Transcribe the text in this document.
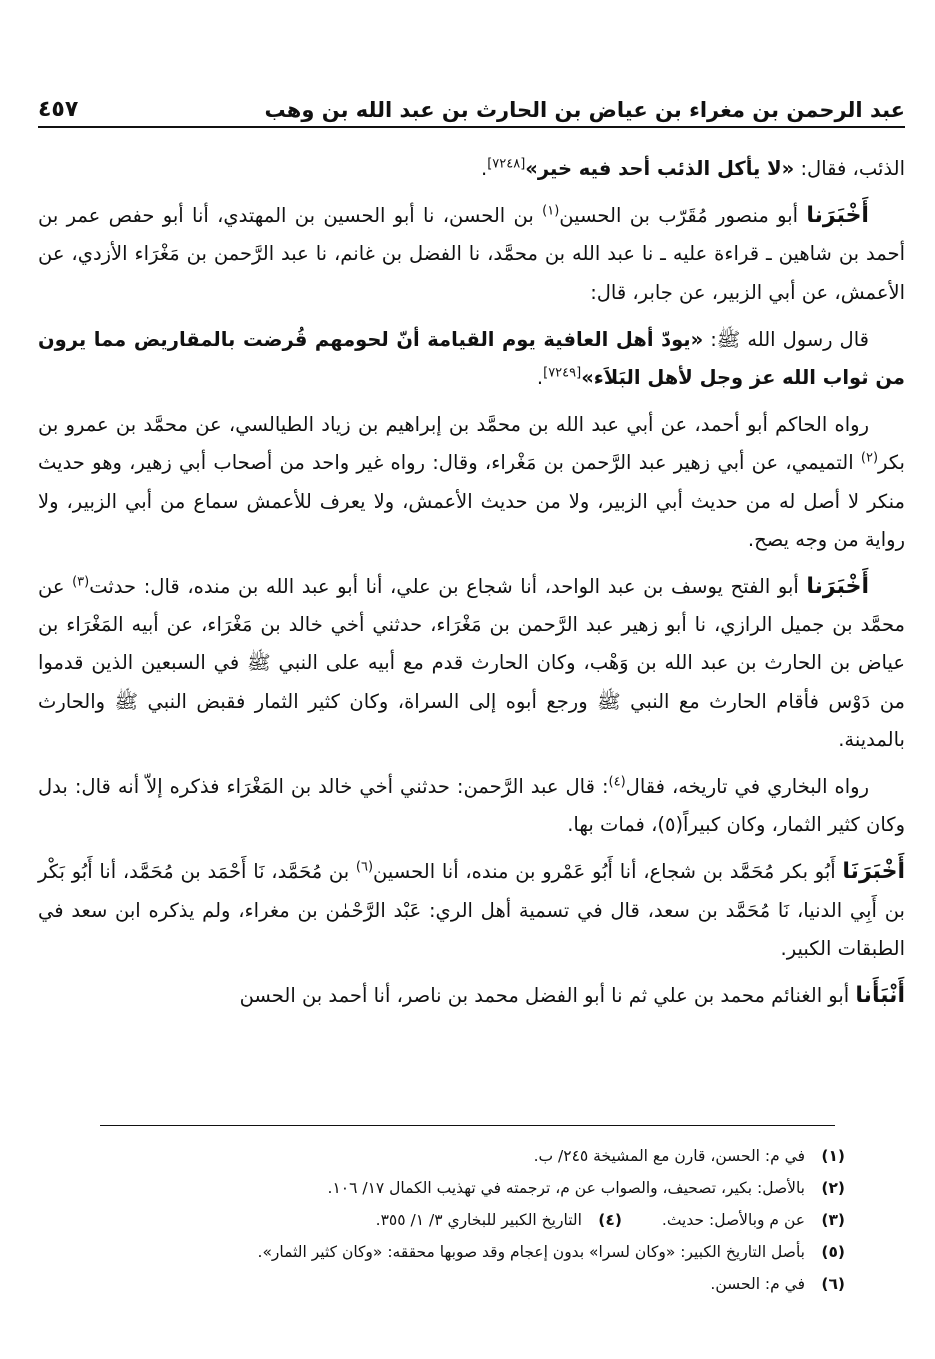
عبد الرحمن بن مغراء بن عياض بن الحارث بن عبد الله بن وهب
٤٥٧

الذئب، فقال: «لا يأكل الذئب أحد فيه خير»[٧٢٤٨].

أَخْبَرَنا أبو منصور مُقَرّب بن الحسين$^{(١)}$ بن الحسن، نا أبو الحسين بن المهتدي، أنا أبو حفص عمر بن أحمد بن شاهين ـ قراءة عليه ـ نا عبد الله بن محمَّد، نا الفضل بن غانم، نا عبد الرَّحمن بن مَغْرَاء الأزدي، عن الأعمش، عن أبي الزبير، عن جابر، قال:

قال رسول الله ﷺ: «يودّ أهل العافية يوم القيامة أنّ لحومهم قُرضت بالمقاريض مما يرون من ثواب الله عز وجل لأهل البَلاَء»[٧٢٤٩].

رواه الحاكم أبو أحمد، عن أبي عبد الله بن محمَّد بن إبراهيم بن زياد الطيالسي، عن محمَّد بن عمرو بن بكر$^{(٢)}$ التميمي، عن أبي زهير عبد الرَّحمن بن مَغْراء، وقال: رواه غير واحد من أصحاب أبي زهير، وهو حديث منكر لا أصل له من حديث أبي الزبير، ولا من حديث الأعمش، ولا يعرف للأعمش سماع من أبي الزبير، ولا رواية من وجه يصح.

أَخْبَرَنا أبو الفتح يوسف بن عبد الواحد، أنا شجاع بن علي، أنا أبو عبد الله بن منده، قال: حدثت$^{(٣)}$ عن محمَّد بن جميل الرازي، نا أبو زهير عبد الرَّحمن بن مَغْرَاء، حدثني أخي خالد بن مَغْرَاء، عن أبيه المَغْرَاء بن عياض بن الحارث بن عبد الله بن وَهْب، وكان الحارث قدم مع أبيه على النبي ﷺ في السبعين الذين قدموا من دَوْس فأقام الحارث مع النبي ﷺ ورجع أبوه إلى السراة، وكان كثير الثمار فقبض النبي ﷺ والحارث بالمدينة.

رواه البخاري في تاريخه، فقال$^{(٤)}$: قال عبد الرَّحمن: حدثني أخي خالد بن المَغْرَاء فذكره إلاّ أنه قال: بدل وكان كثير الثمار، وكان كبيراً(٥)، فمات بها.

أَخْبَرَنَا أَبُو بكر مُحَمَّد بن شجاع، أنا أَبُو عَمْرو بن منده، أنا الحسين$^{(٦)}$ بن مُحَمَّد، نَا أَحْمَد بن مُحَمَّد، أنا أَبُو بَكْر بن أَبِي الدنيا، نَا مُحَمَّد بن سعد، قال في تسمية أهل الري: عَبْد الرَّحْمٰن بن مغراء، ولم يذكره ابن سعد في الطبقات الكبير.

أَنْبَأَنا أبو الغنائم محمد بن علي ثم نا أبو الفضل محمد بن ناصر، أنا أحمد بن الحسن

(١)
في م: الحسن، قارن مع المشيخة ٢٤٥/ ب.
(٢)
بالأصل: بكير، تصحيف، والصواب عن م، ترجمته في تهذيب الكمال ١٧/ ١٠٦.
(٣)
عن م وبالأصل: حديث.
(٤)
التاريخ الكبير للبخاري ٣/ ١/ ٣٥٥.
(٥)
بأصل التاريخ الكبير: «وكان لسرا» بدون إعجام وقد صوبها محققه: «وكان كثير الثمار».
(٦)
في م: الحسن.
